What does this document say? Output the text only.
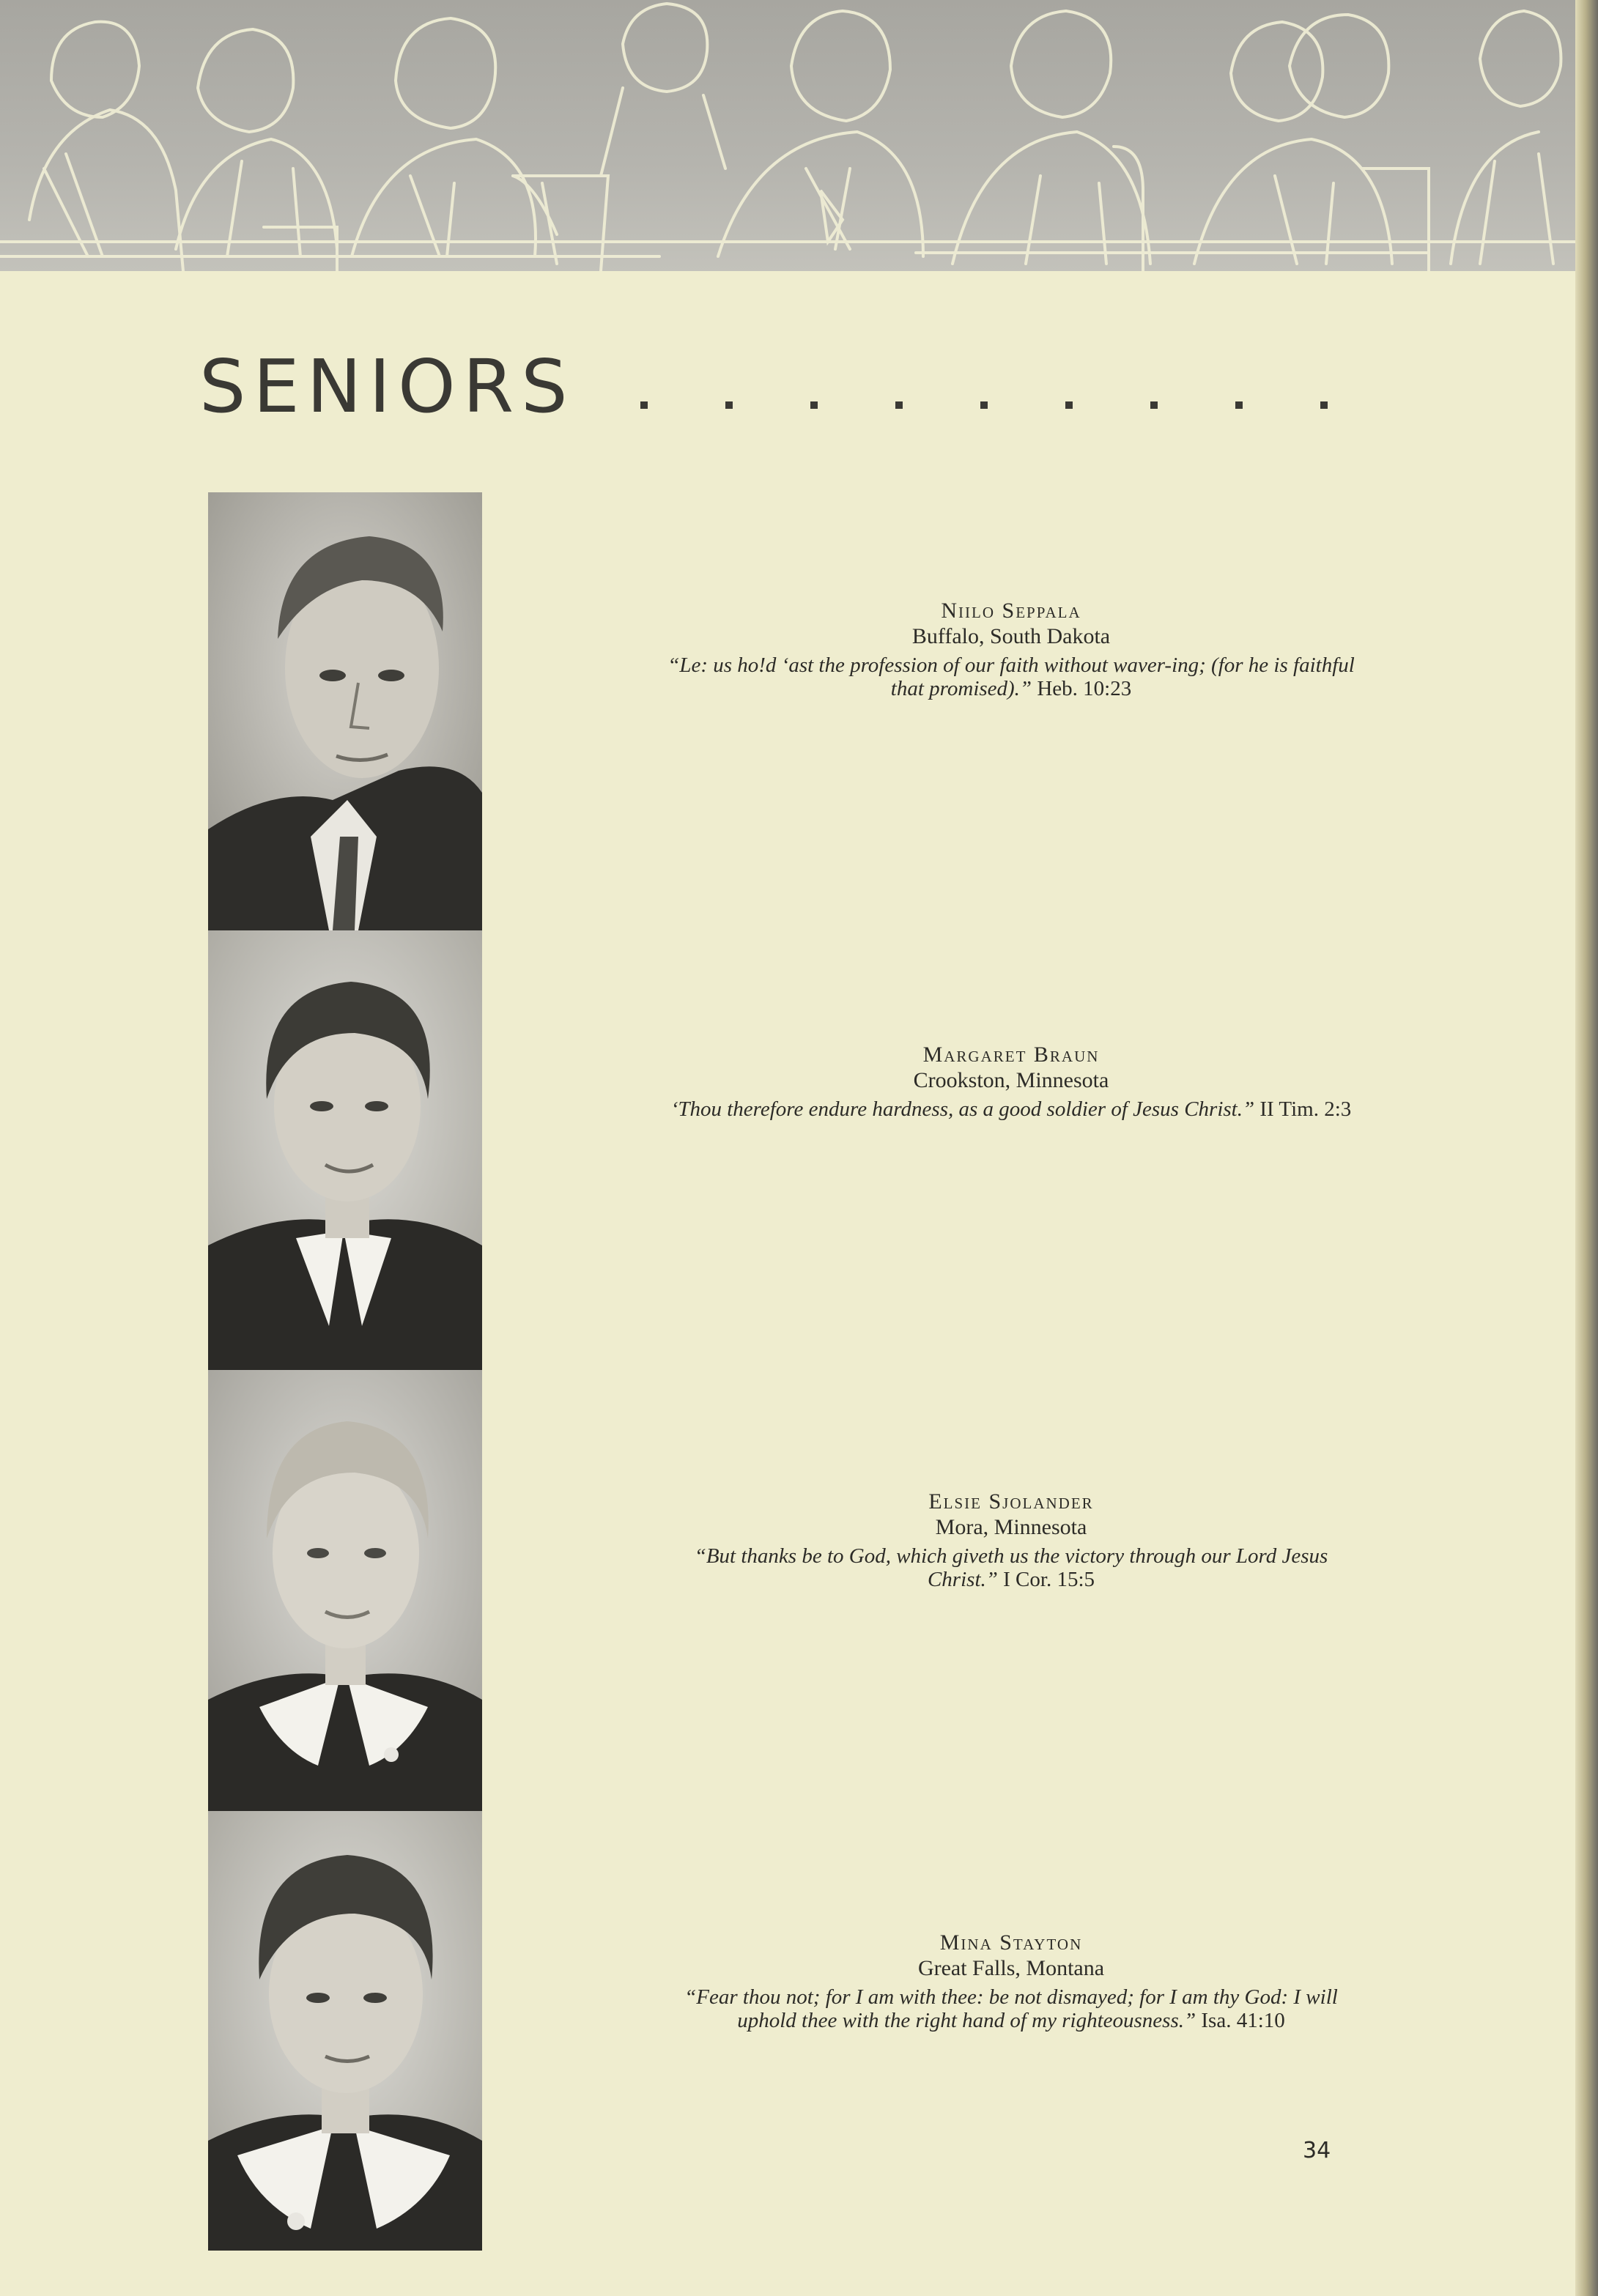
SENIORS
Niilo Seppala
Buffalo, South Dakota
“Le: us ho!d ‘ast the profession of our faith without waver-ing; (for he is faithful that promised).” Heb. 10:23
Margaret Braun
Crookston, Minnesota
‘Thou therefore endure hardness, as a good soldier of Jesus Christ.” II Tim. 2:3
Elsie Sjolander
Mora, Minnesota
“But thanks be to God, which giveth us the victory through our Lord Jesus Christ.” I Cor. 15:5
Mina Stayton
Great Falls, Montana
“Fear thou not; for I am with thee: be not dismayed; for I am thy God: I will uphold thee with the right hand of my righteousness.” Isa. 41:10
34
